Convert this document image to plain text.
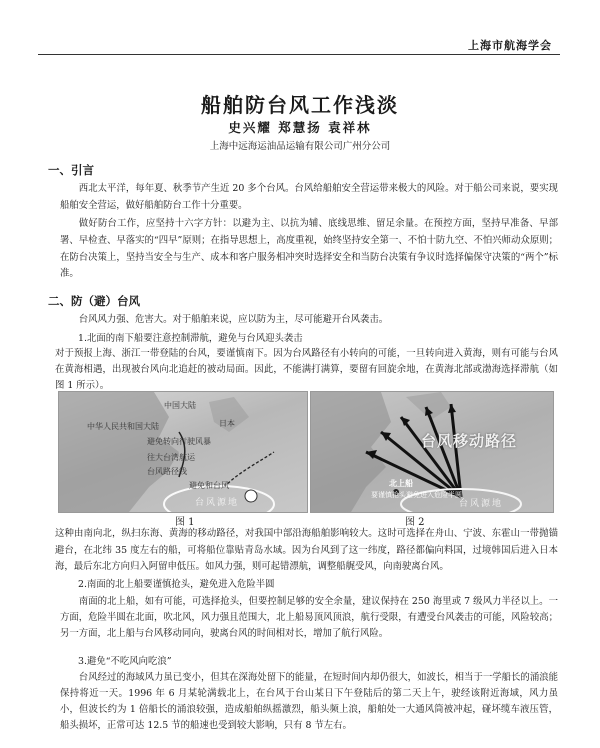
上海市航海学会
船舶防台风工作浅淡
史兴耀 郑慧扬 袁祥林
上海中远海运油品运输有限公司广州分公司
一、引言

西北太平洋，每年夏、秋季节产生近 20 多个台风。台风给船舶安全营运带来极大的风险。对于船公司来说，要实现船舶安全营运，做好船舶防台工作十分重要。

做好防台工作，应坚持十六字方针：以避为主、以抗为辅、底线思维、留足余量。在预控方面，坚持早准备、早部署、早检查、早落实的“四早”原则；在指导思想上，高度重视，始终坚持安全第一、不怕十防九空、不怕兴师动众原则；在防台决策上，坚持当安全与生产、成本和客户服务相冲突时选择安全和当防台决策有争议时选择偏保守决策的“两个”标准。

二、防（避）台风

台风风力强、危害大。对于船舶来说，应以防为主，尽可能避开台风袭击。

1.北面的南下船要注意控制滞航，避免与台风迎头袭击

对于预报上海、浙江一带登陆的台风，要谨慎南下。因为台风路径有小转向的可能，一旦转向进入黄海，则有可能与台风在黄海相遇，出现被台风向北追赶的被动局面。因此，不能满打满算，要留有回旋余地，在黄海北部或渤海选择滞航（如图 1 所示）。

中国大陆
日本
中华人民共和国大陆
避免转向行驶风暴
往大台湾航运
台风路径线
避免和台风
台风源地
台风移动路径
北上船
要谨慎抢头避免进入危险半圆
台风源地
图 1	图 2

这种由南向北，纵扫东海、黄海的移动路径，对我国中部沿海船舶影响较大。这时可选择在舟山、宁波、东霍山一带抛锚避台，在北纬 35 度左右的船，可将船位靠贴青岛水域。因为台风到了这一纬度，路径都偏向料国，过境韩国后进入日本海，最后东北方向归入阿留申低压。如风力强，则可起错漂航，调整船艉受风，向南驶离台风。

2.南面的北上船要谨慎抢头，避免进入危险半圆

南面的北上船，如有可能，可选择抢头，但要控制足够的安全余量，建议保持在 250 海里或 7 级风力半径以上。一方面，危险半圆在北面，吹北风，风力强且范围大，北上船易顶风顶浪，航行受限，有遭受台风袭击的可能，风险较高；另一方面，北上船与台风移动同向，驶离台风的时间相对长，增加了航行风险。

3.避免“不吃风向吃浪”

台风经过的海域风力虽已变小，但其在深海处留下的能量，在短时间内却仍很大，如波长，相当于一学船长的涌浪能保持将近一天。1996 年 6 月某轮满载北上，在台风于台山某日下午登陆后的第二天上午，驶经该附近海域，风力虽小，但波长约为 1 倍船长的涌浪较强，造成船舶纵摇激烈，船头频上浪，船舶处一大通风筒被冲起，碰坏缆车液压管，船头损坏，正常可达 12.5 节的船速也受到较大影响，只有 8 节左右。
